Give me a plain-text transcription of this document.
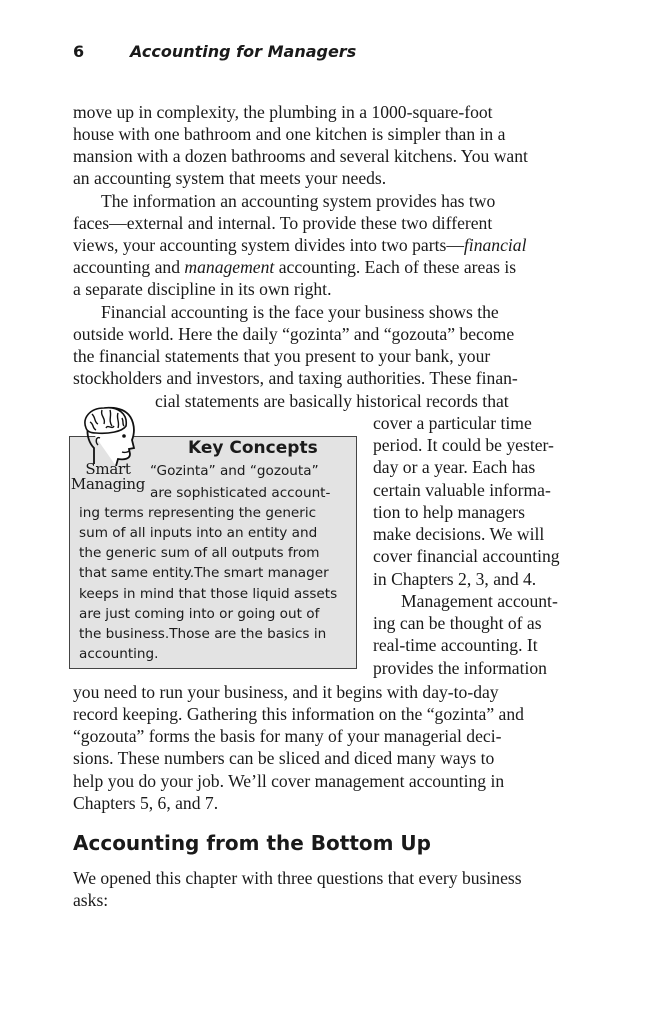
6	Accounting for Managers
move up in complexity, the plumbing in a 1000-square-foot
house with one bathroom and one kitchen is simpler than in a
mansion with a dozen bathrooms and several kitchens. You want
an accounting system that meets your needs.
The information an accounting system provides has two
faces—external and internal. To provide these two different
views, your accounting system divides into two parts—financial
accounting and management accounting. Each of these areas is
a separate discipline in its own right.
Financial accounting is the face your business shows the
outside world. Here the daily “gozinta” and “gozouta” become
the financial statements that you present to your bank, your
stockholders and investors, and taxing authorities. These finan-
cial statements are basically historical records that
cover a particular time
period. It could be yester-
day or a year. Each has
certain valuable informa-
tion to help managers
make decisions. We will
cover financial accounting
in Chapters 2, 3, and 4.
Management account-
ing can be thought of as
real-time accounting. It
provides the information
Smart
Managing
Key Concepts
“Gozinta” and “gozouta”
are sophisticated account-
ing terms representing the generic
sum of all inputs into an entity and
the generic sum of all outputs from
that same entity.The smart manager
keeps in mind that those liquid assets
are just coming into or going out of
the business.Those are the basics in
accounting.
you need to run your business, and it begins with day-to-day
record keeping. Gathering this information on the “gozinta” and
“gozouta” forms the basis for many of your managerial deci-
sions. These numbers can be sliced and diced many ways to
help you do your job. We’ll cover management accounting in
Chapters 5, 6, and 7.
Accounting from the Bottom Up
We opened this chapter with three questions that every business
asks:
